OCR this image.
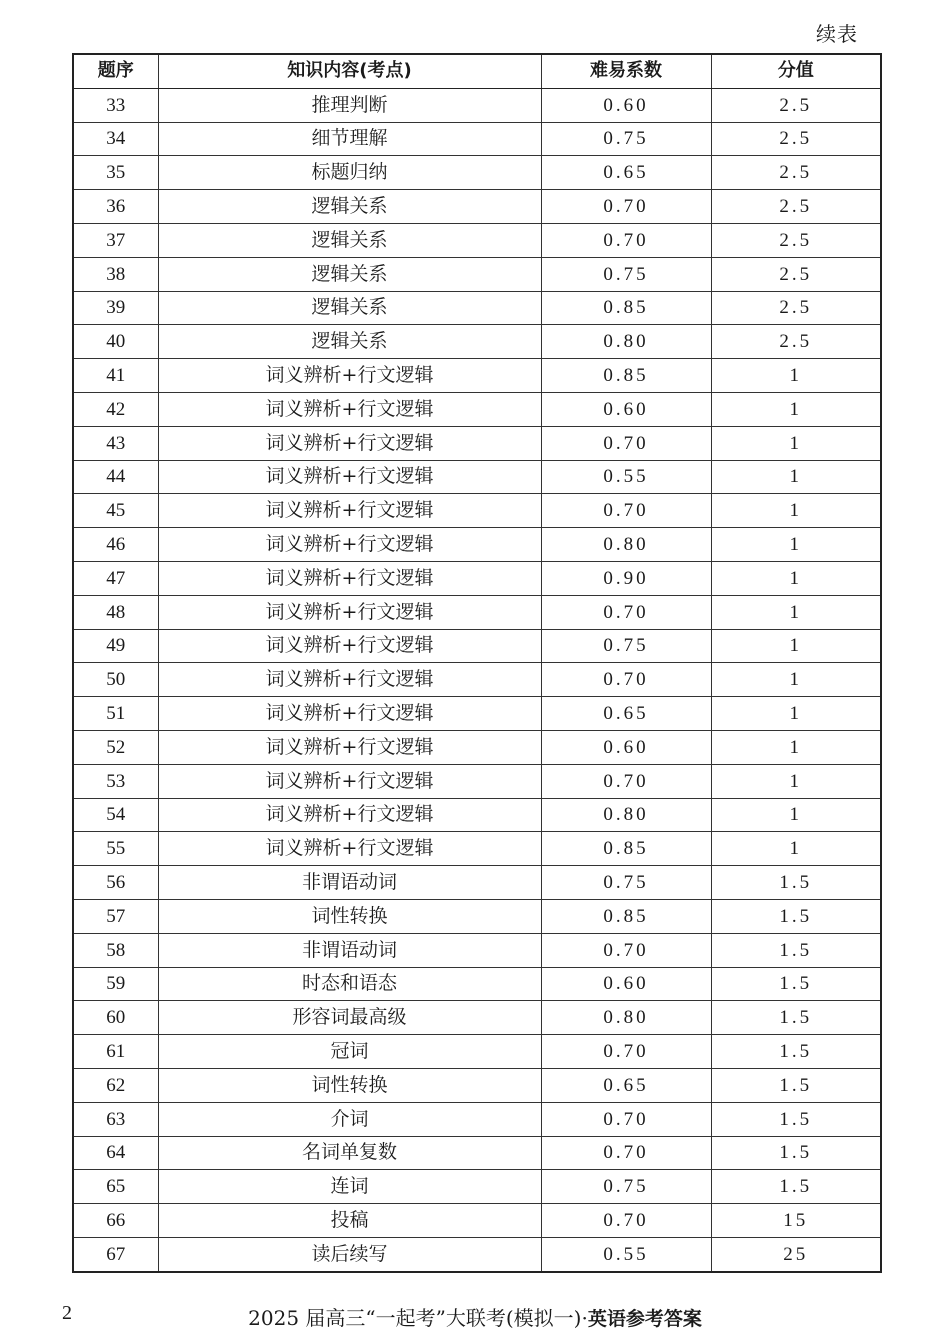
续表
题序	知识内容(考点)	难易系数	分值
33	推理判断	0.60	2.5
34	细节理解	0.75	2.5
35	标题归纳	0.65	2.5
36	逻辑关系	0.70	2.5
37	逻辑关系	0.70	2.5
38	逻辑关系	0.75	2.5
39	逻辑关系	0.85	2.5
40	逻辑关系	0.80	2.5
41	词义辨析+行文逻辑	0.85	1
42	词义辨析+行文逻辑	0.60	1
43	词义辨析+行文逻辑	0.70	1
44	词义辨析+行文逻辑	0.55	1
45	词义辨析+行文逻辑	0.70	1
46	词义辨析+行文逻辑	0.80	1
47	词义辨析+行文逻辑	0.90	1
48	词义辨析+行文逻辑	0.70	1
49	词义辨析+行文逻辑	0.75	1
50	词义辨析+行文逻辑	0.70	1
51	词义辨析+行文逻辑	0.65	1
52	词义辨析+行文逻辑	0.60	1
53	词义辨析+行文逻辑	0.70	1
54	词义辨析+行文逻辑	0.80	1
55	词义辨析+行文逻辑	0.85	1
56	非谓语动词	0.75	1.5
57	词性转换	0.85	1.5
58	非谓语动词	0.70	1.5
59	时态和语态	0.60	1.5
60	形容词最高级	0.80	1.5
61	冠词	0.70	1.5
62	词性转换	0.65	1.5
63	介词	0.70	1.5
64	名词单复数	0.70	1.5
65	连词	0.75	1.5
66	投稿	0.70	15
67	读后续写	0.55	25
2	2025 届高三“一起考”大联考(模拟一)·英语参考答案
